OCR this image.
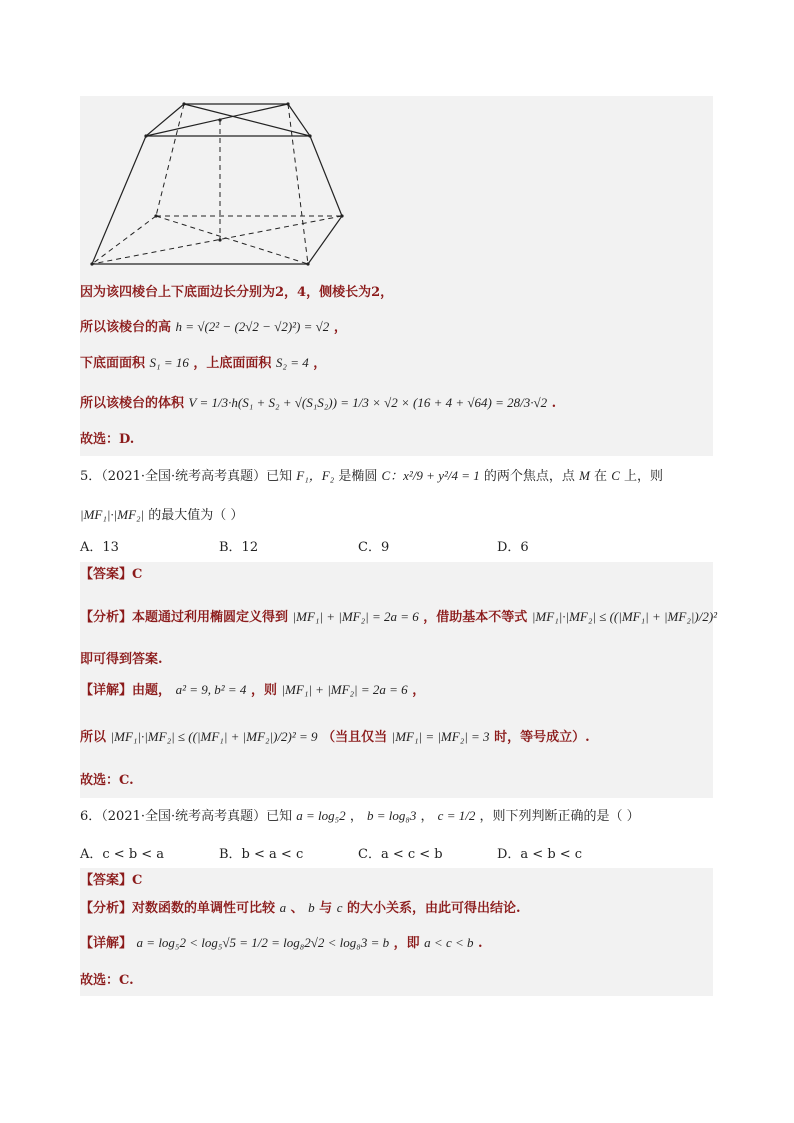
因为该四棱台上下底面边长分别为2，4，侧棱长为2，
所以该棱台的高 h = √(2² − (2√2 − √2)²) = √2 ，
下底面面积 S₁ = 16 ，上底面面积 S₂ = 4 ，
所以该棱台的体积 V = 1/3·h(S₁ + S₂ + √(S₁S₂)) = 1/3 × √2 × (16 + 4 + √64) = 28/3·√2 .
故选：D.
5．（2021·全国·统考高考真题）已知 F₁，F₂ 是椭圆 C：x²/9 + y²/4 = 1 的两个焦点，点 M 在 C 上，则
|MF₁|·|MF₂| 的最大值为（ ）
A．13	B．12	C．9	D．6
【答案】C
【分析】本题通过利用椭圆定义得到 |MF₁| + |MF₂| = 2a = 6 ，借助基本不等式 |MF₁|·|MF₂| ≤ ((|MF₁| + |MF₂|)/2)²
即可得到答案.
【详解】由题， a² = 9, b² = 4 ，则 |MF₁| + |MF₂| = 2a = 6 ，
所以 |MF₁|·|MF₂| ≤ ((|MF₁| + |MF₂|)/2)² = 9 （当且仅当 |MF₁| = |MF₂| = 3 时，等号成立）.
故选：C.
6．（2021·全国·统考高考真题）已知 a = log₅2 ， b = log₈3 ， c = 1/2 ，则下列判断正确的是（ ）
A．c < b < a	B．b < a < c	C．a < c < b	D．a < b < c
【答案】C
【分析】对数函数的单调性可比较 a 、 b 与 c 的大小关系，由此可得出结论.
【详解】 a = log₅2 < log₅√5 = 1/2 = log₈2√2 < log₈3 = b ，即 a < c < b .
故选：C.
